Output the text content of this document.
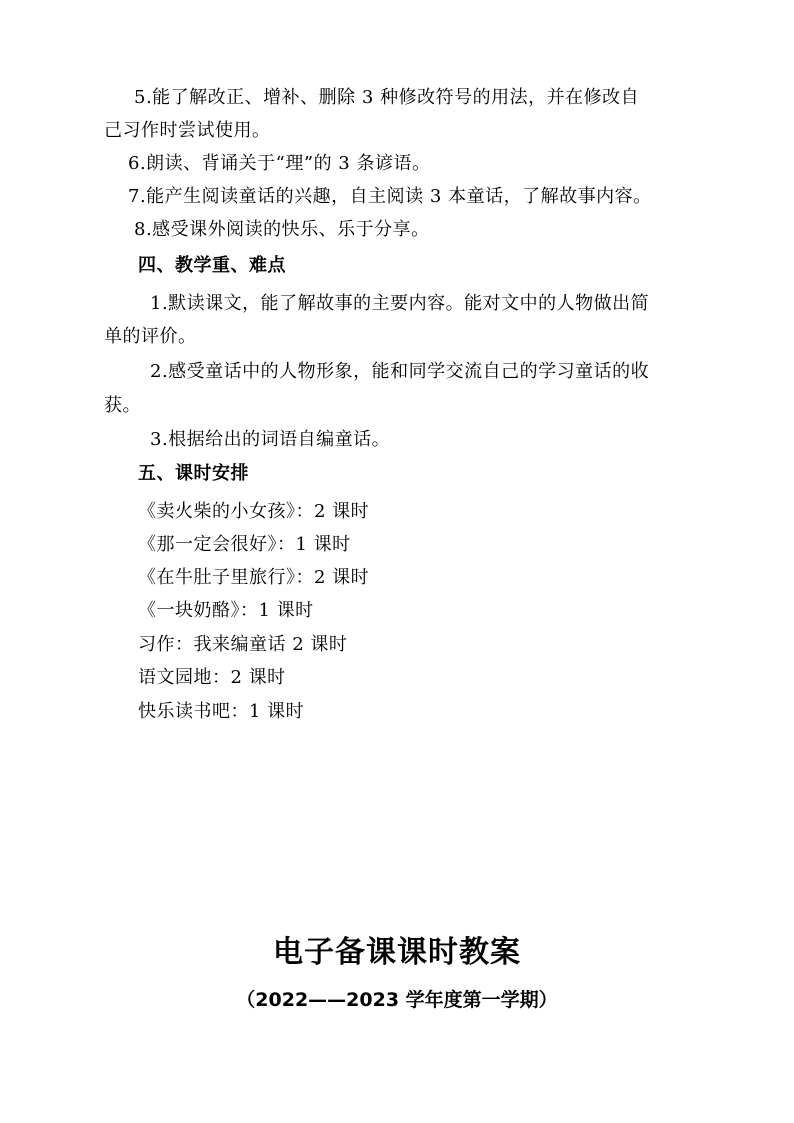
5.能了解改正、增补、删除 3 种修改符号的用法，并在修改自
己习作时尝试使用。
6.朗读、背诵关于“理”的 3 条谚语。
7.能产生阅读童话的兴趣，自主阅读 3 本童话，了解故事内容。
8.感受课外阅读的快乐、乐于分享。
四、教学重、难点
1.默读课文，能了解故事的主要内容。能对文中的人物做出简
单的评价。
2.感受童话中的人物形象，能和同学交流自己的学习童话的收
获。
3.根据给出的词语自编童话。
五、课时安排
《卖火柴的小女孩》：2 课时
《那一定会很好》：1 课时
《在牛肚子里旅行》：2 课时
《一块奶酪》：1 课时
习作：我来编童话 2 课时
语文园地：2 课时
快乐读书吧：1 课时
电子备课课时教案
（2022——2023 学年度第一学期）
